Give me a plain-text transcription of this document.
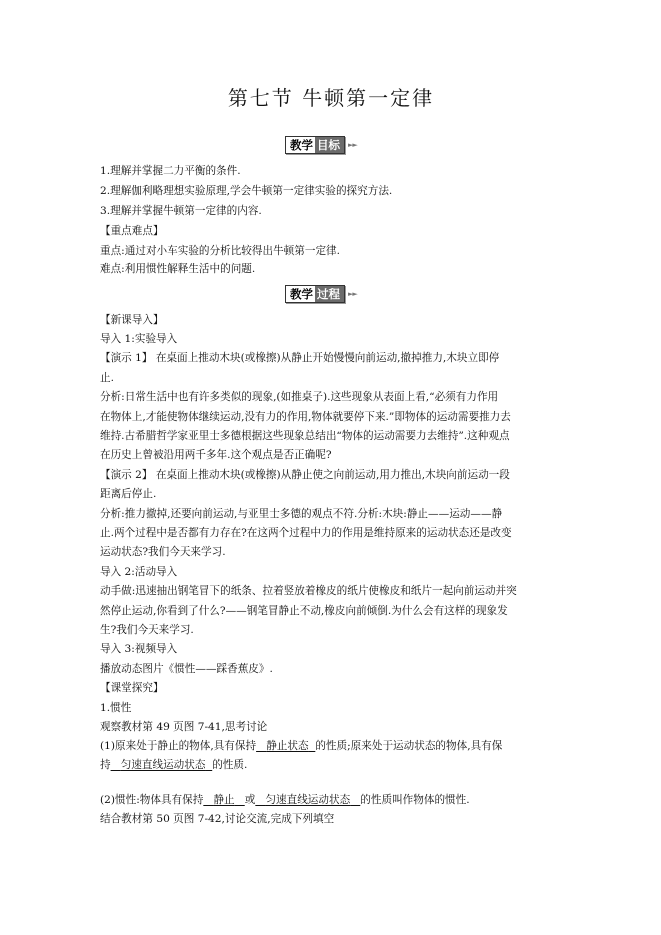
第七节 牛顿第一定律
教学 目标	►►
1.理解并掌握二力平衡的条件.
2.理解伽利略理想实验原理,学会牛顿第一定律实验的探究方法.
3.理解并掌握牛顿第一定律的内容.
【重点难点】
重点:通过对小车实验的分析比较得出牛顿第一定律.
难点:利用惯性解释生活中的问题.
教学 过程	►►
【新课导入】
导入 1:实验导入
【演示 1】 在桌面上推动木块(或橡擦)从静止开始慢慢向前运动,撤掉推力,木块立即停
止.
分析:日常生活中也有许多类似的现象,(如推桌子).这些现象从表面上看,“必须有力作用
在物体上,才能使物体继续运动,没有力的作用,物体就要停下来.”即物体的运动需要推力去
维持.古希腊哲学家亚里士多德根据这些现象总结出“物体的运动需要力去维持”.这种观点
在历史上曾被沿用两千多年.这个观点是否正确呢?
【演示 2】 在桌面上推动木块(或橡擦)从静止使之向前运动,用力推出,木块向前运动一段
距离后停止.
分析:推力撤掉,还要向前运动,与亚里士多德的观点不符.分析:木块:静止——运动——静
止.两个过程中是否都有力存在?在这两个过程中力的作用是维持原来的运动状态还是改变
运动状态?我们今天来学习.
导入 2:活动导入
动手做:迅速抽出钢笔冒下的纸条、拉着竖放着橡皮的纸片使橡皮和纸片一起向前运动并突
然停止运动,你看到了什么?——钢笔冒静止不动,橡皮向前倾倒.为什么会有这样的现象发
生?我们今天来学习.
导入 3:视频导入
播放动态图片《惯性——踩香蕉皮》.
【课堂探究】
1.惯性
观察教材第 49 页图 7-41,思考讨论
(1)原来处于静止的物体,具有保持 静止状态 的性质;原来处于运动状态的物体,具有保
持 匀速直线运动状态 的性质.
(2)惯性:物体具有保持 静止 或 匀速直线运动状态 的性质叫作物体的惯性.
结合教材第 50 页图 7-42,讨论交流,完成下列填空
